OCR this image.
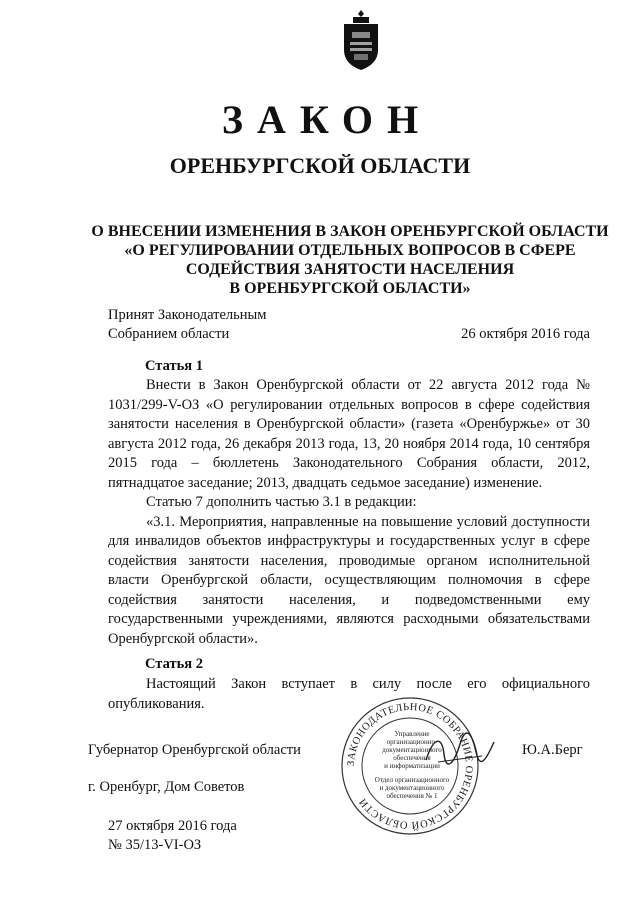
ЗАКОН
ОРЕНБУРГСКОЙ ОБЛАСТИ
О ВНЕСЕНИИ ИЗМЕНЕНИЯ В ЗАКОН ОРЕНБУРГСКОЙ ОБЛАСТИ
«О РЕГУЛИРОВАНИИ ОТДЕЛЬНЫХ ВОПРОСОВ В СФЕРЕ
СОДЕЙСТВИЯ ЗАНЯТОСТИ НАСЕЛЕНИЯ
В ОРЕНБУРГСКОЙ ОБЛАСТИ»
Принят Законодательным
Собранием области	26 октября 2016 года
Статья 1

Внести в Закон Оренбургской области от 22 августа 2012 года № 1031/299-V-ОЗ «О регулировании отдельных вопросов в сфере содействия занятости населения в Оренбургской области» (газета «Оренбуржье» от 30 августа 2012 года, 26 декабря 2013 года, 13, 20 ноября 2014 года, 10 сентября 2015 года – бюллетень Законодательного Собрания области, 2012, пятнадцатое заседание; 2013, двадцать седьмое заседание) изменение.

Статью 7 дополнить частью 3.1 в редакции:

«3.1. Мероприятия, направленные на повышение условий доступности для инвалидов объектов инфраструктуры и государственных услуг в сфере содействия занятости населения, проводимые органом исполнительной власти Оренбургской области, осуществляющим полномочия в сфере содействия занятости населения, и подведомственными ему государственными учреждениями, являются расходными обязательствами Оренбургской области».

Статья 2

Настоящий Закон вступает в силу после его официального опубликования.

ЗАКОНОДАТЕЛЬНОЕ СОБРАНИЕ ОРЕНБУРГСКОЙ ОБЛАСТИ
Управление
организационно-
документационного
обеспечения
и информатизации
Отдел организационного
и документационного
обеспечения № 1
Губернатор Оренбургской области	Ю.А.Берг
г. Оренбург, Дом Советов
27 октября 2016 года
№ 35/13-VI-ОЗ
